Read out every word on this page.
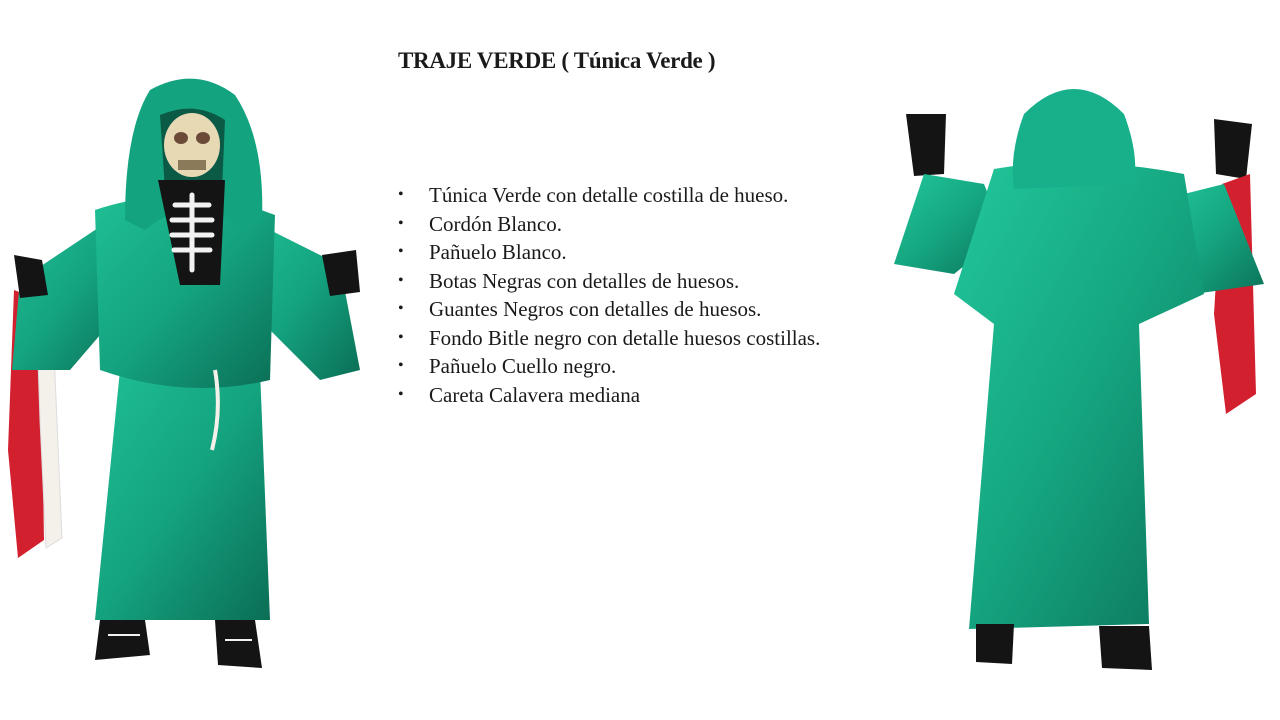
TRAJE VERDE ( Túnica Verde )
• Túnica Verde con detalle costilla de hueso.
• Cordón Blanco.
• Pañuelo Blanco.
• Botas Negras con detalles de huesos.
• Guantes Negros con detalles de huesos.
• Fondo Bitle negro con detalle huesos costillas.
• Pañuelo Cuello negro.
• Careta Calavera mediana
